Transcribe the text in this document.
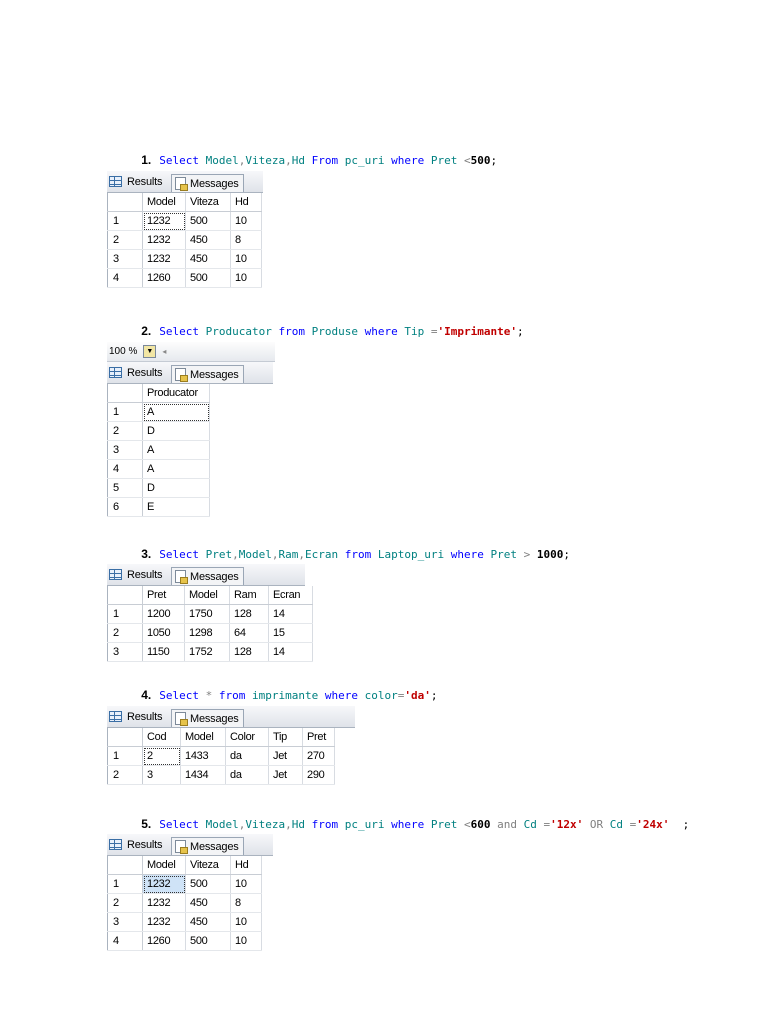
1. Select Model,Viteza,Hd From pc_uri where Pret <500;

Results	Messages
	Model	Viteza	Hd
1	1232	500	10
2	1232	450	8
3	1232	450	10
4	1260	500	10

2. Select Producator from Produse where Tip ='Imprimante';

100 %	▼	◂
Results	Messages
	Producator
1	A
2	D
3	A
4	A
5	D
6	E

3. Select Pret,Model,Ram,Ecran from Laptop_uri where Pret > 1000;

Results	Messages
	Pret	Model	Ram	Ecran
1	1200	1750	128	14
2	1050	1298	64	15
3	1150	1752	128	14

4. Select * from imprimante where color='da';

Results	Messages
	Cod	Model	Color	Tip	Pret
1	2	1433	da	Jet	270
2	3	1434	da	Jet	290

5. Select Model,Viteza,Hd from pc_uri where Pret <600 and Cd ='12x' OR Cd ='24x'  ;

Results	Messages
	Model	Viteza	Hd
1	1232	500	10
2	1232	450	8
3	1232	450	10
4	1260	500	10
